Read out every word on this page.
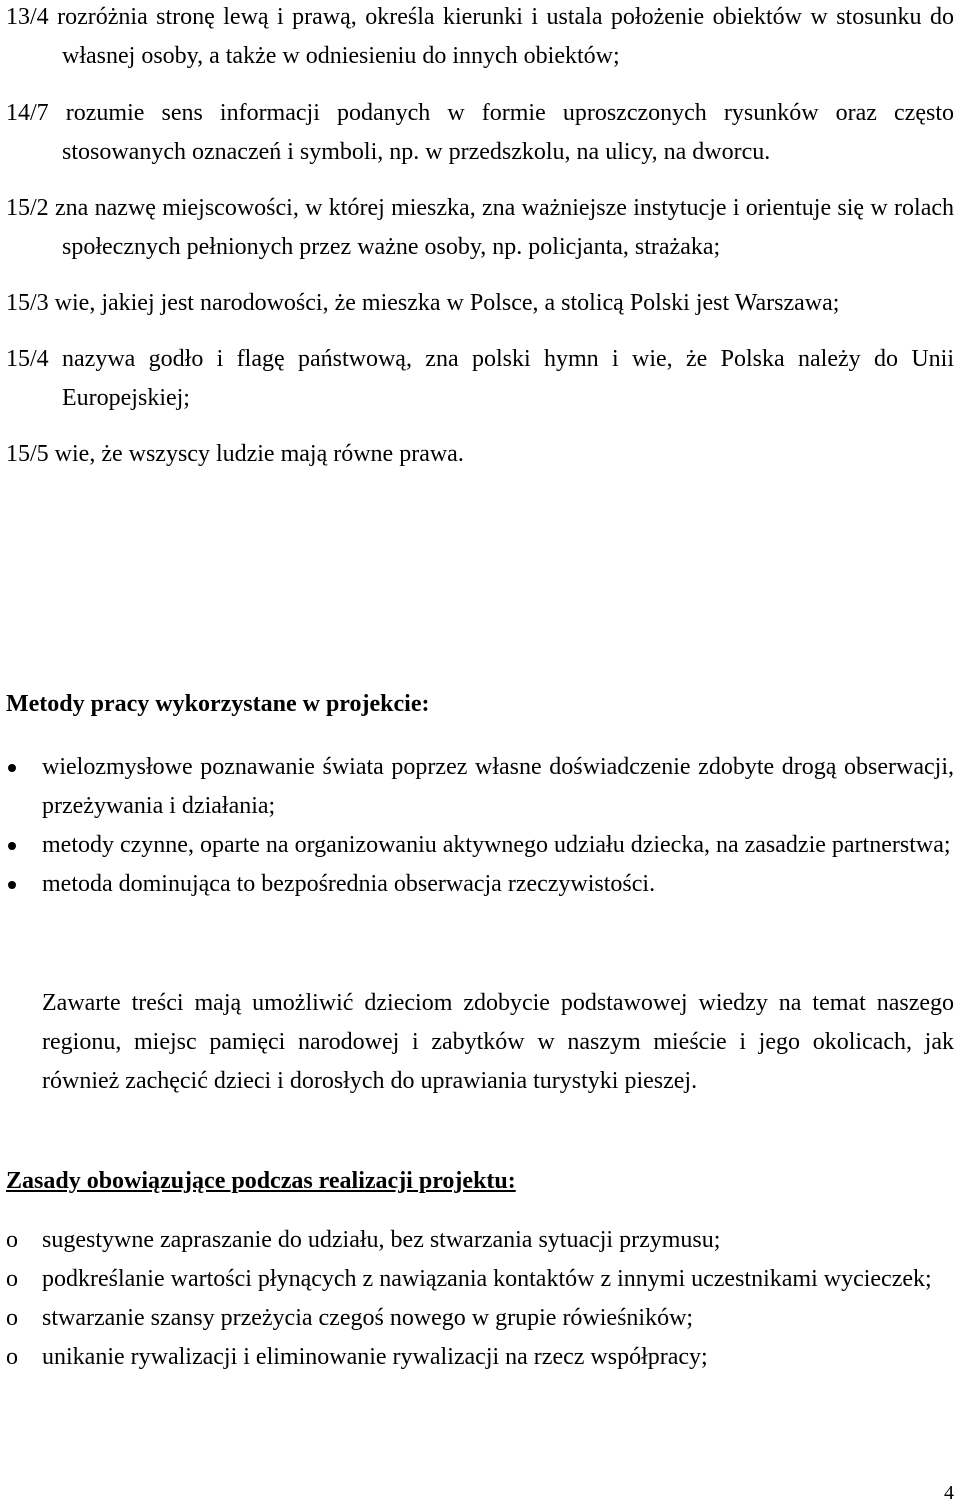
13/4 rozróżnia stronę lewą i prawą, określa kierunki i ustala położenie obiektów w stosunku do własnej osoby, a także w odniesieniu do innych obiektów;

14/7 rozumie sens informacji podanych w formie uproszczonych rysunków oraz często stosowanych oznaczeń i symboli, np. w przedszkolu, na ulicy, na dworcu.

15/2 zna nazwę miejscowości, w której mieszka, zna ważniejsze instytucje i orientuje się w rolach społecznych pełnionych przez ważne osoby, np. policjanta, strażaka;

15/3 wie, jakiej jest narodowości, że mieszka w Polsce, a stolicą Polski jest Warszawa;

15/4 nazywa godło i flagę państwową, zna polski hymn i wie, że Polska należy do Unii Europejskiej;

15/5 wie, że wszyscy ludzie mają równe prawa.

Metody pracy wykorzystane w projekcie:
wielozmysłowe poznawanie świata poprzez własne doświadczenie zdobyte drogą obserwacji, przeżywania i działania;
metody czynne, oparte na organizowaniu aktywnego udziału dziecka, na zasadzie partnerstwa;
metoda dominująca to bezpośrednia obserwacja rzeczywistości.

Zawarte treści mają umożliwić dzieciom zdobycie podstawowej wiedzy na temat naszego regionu, miejsc pamięci narodowej i zabytków w naszym mieście i jego okolicach, jak również zachęcić dzieci i dorosłych do uprawiania turystyki pieszej.

Zasady obowiązujące podczas realizacji projektu:
o	sugestywne zapraszanie do udziału, bez stwarzania sytuacji przymusu;
o	podkreślanie wartości płynących z nawiązania kontaktów z innymi uczestnikami wycieczek;
o	stwarzanie szansy przeżycia czegoś nowego w grupie rówieśników;
o	unikanie rywalizacji i eliminowanie rywalizacji na rzecz współpracy;
4
